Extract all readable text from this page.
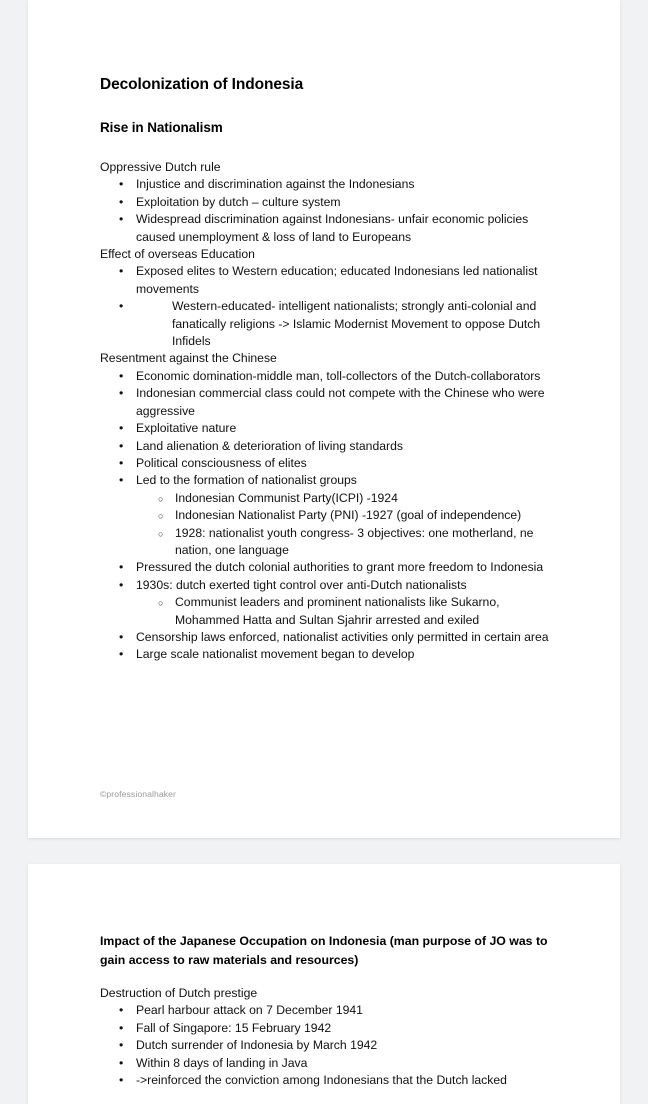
Decolonization of Indonesia
Rise in Nationalism

Oppressive Dutch rule

• Injustice and discrimination against the Indonesians
• Exploitation by dutch – culture system
• Widespread discrimination against Indonesians- unfair economic policies caused unemployment & loss of land to Europeans

Effect of overseas Education

• Exposed elites to Western education; educated Indonesians led nationalist movements
• Western-educated- intelligent nationalists; strongly anti-colonial and fanatically religions -> Islamic Modernist Movement to oppose Dutch Infidels

Resentment against the Chinese

• Economic domination-middle man, toll-collectors of the Dutch-collaborators
• Indonesian commercial class could not compete with the Chinese who were aggressive
• Exploitative nature
• Land alienation & deterioration of living standards
• Political consciousness of elites
• Led to the formation of nationalist groups
○ Indonesian Communist Party(ICPI) -1924
○ Indonesian Nationalist Party (PNI) -1927 (goal of independence)
○ 1928: nationalist youth congress- 3 objectives: one motherland, ne nation, one language
• Pressured the dutch colonial authorities to grant more freedom to Indonesia
• 1930s: dutch exerted tight control over anti-Dutch nationalists
○ Communist leaders and prominent nationalists like Sukarno, Mohammed Hatta and Sultan Sjahrir arrested and exiled
• Censorship laws enforced, nationalist activities only permitted in certain area
• Large scale nationalist movement began to develop
©professionalhaker
Impact of the Japanese Occupation on Indonesia (man purpose of JO was to gain access to raw materials and resources)

Destruction of Dutch prestige

• Pearl harbour attack on 7 December 1941
• Fall of Singapore: 15 February 1942
• Dutch surrender of Indonesia by March 1942
• Within 8 days of landing in Java
• ->reinforced the conviction among Indonesians that the Dutch lacked
